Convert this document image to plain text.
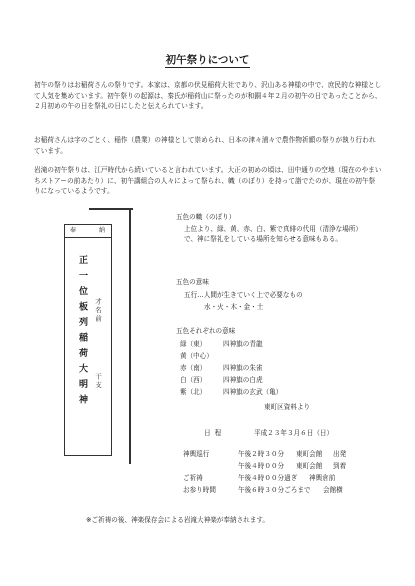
初午祭りについて

初午の祭りはお稲荷さんの祭りです。本家は、京都の伏見稲荷大社であり、沢山ある神様の中で、庶民的な神様として人気を集めています。初午祭りの起源は、秦氏が稲荷山に祭ったのが和銅４年２月の初午の日であったことから、２月初めの午の日を祭礼の日にしたと伝えられています。

お稲荷さんは字のごとく、稲作（農業）の神様として崇められ、日本の津々浦々で農作物祈願の祭りが執り行われています。

岩滝の初午祭りは、江戸時代から続いていると言われています。大正の初めの頃は、田中通りの空地（現在のやまいちストアーの前あたり）に、初午講組合の人々によって祭られ、幟（のぼり）を持って詣でたのが、現在の初午祭りになっているようです。

奉	納
正一位板列稲荷大明神 才名前
干支

五色の幟（のぼり）

上位より、緑、黄、赤、白、紫で真緋の代用（清浄な場所）で、神に祭礼をしている場所を知らせる意味もある。

五色の意味

五行…人間が生きていく上で必要なもの

水・火・木・金・土

五色それぞれの意味

緑（東）	四神旗の青龍
黄（中心）
赤（南）	四神旗の朱雀
白（西）	四神旗の白虎
紫（北）	四神旗の玄武（亀）

東町区資料より

日程	平成２３年３月６日（日）
神輿巡行	午後２時３０分 東町会館 出発
午後４時００分 東町会館 到着
ご祈祷	午後４時００分過ぎ 神輿倉前
お参り時間	午後６時３０分ごろまで 会館横
※ご祈祷の後、神楽保存会による岩滝大神楽が奉納されます。
